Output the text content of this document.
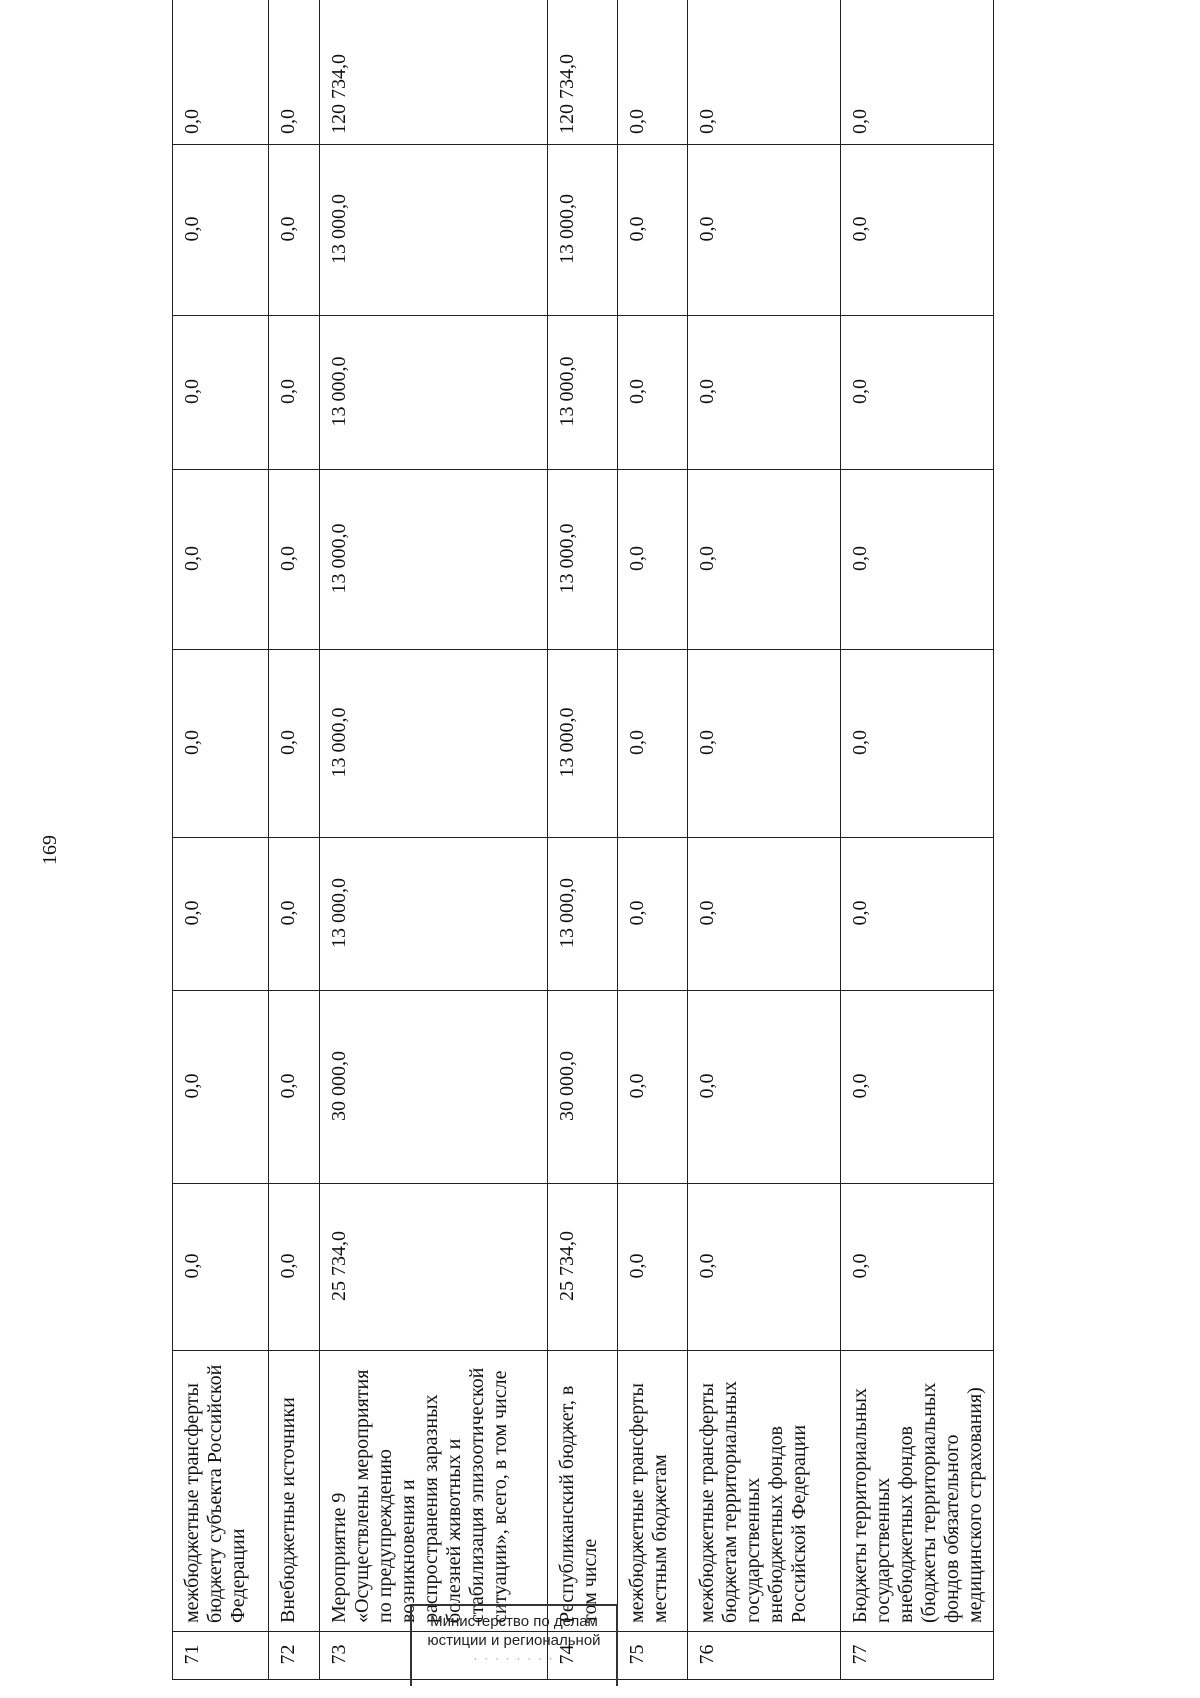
169
71	межбюджетные трансферты бюджету субъекта Российской Федерации	0,0	0,0	0,0	0,0	0,0	0,0	0,0	0,0
72	Внебюджетные источники	0,0	0,0	0,0	0,0	0,0	0,0	0,0	0,0
73	Мероприятие 9 «Осуществлены мероприятия по предупреждению возникновения и распространения заразных болезней животных и стабилизация эпизоотической ситуации», всего, в том числе	25 734,0	30 000,0	13 000,0	13 000,0	13 000,0	13 000,0	13 000,0	120 734,0
74	Республиканский бюджет, в том числе	25 734,0	30 000,0	13 000,0	13 000,0	13 000,0	13 000,0	13 000,0	120 734,0
75	межбюджетные трансферты местным бюджетам	0,0	0,0	0,0	0,0	0,0	0,0	0,0	0,0
76	межбюджетные трансферты бюджетам территориальных государственных внебюджетных фондов Российской Федерации	0,0	0,0	0,0	0,0	0,0	0,0	0,0	0,0
77	Бюджеты территориальных государственных внебюджетных фондов (бюджеты территориальных фондов обязательного медицинского страхования)	0,0	0,0	0,0	0,0	0,0	0,0	0,0	0,0
Министерство по делам
юстиции и региональной
· · · · · · · ·
